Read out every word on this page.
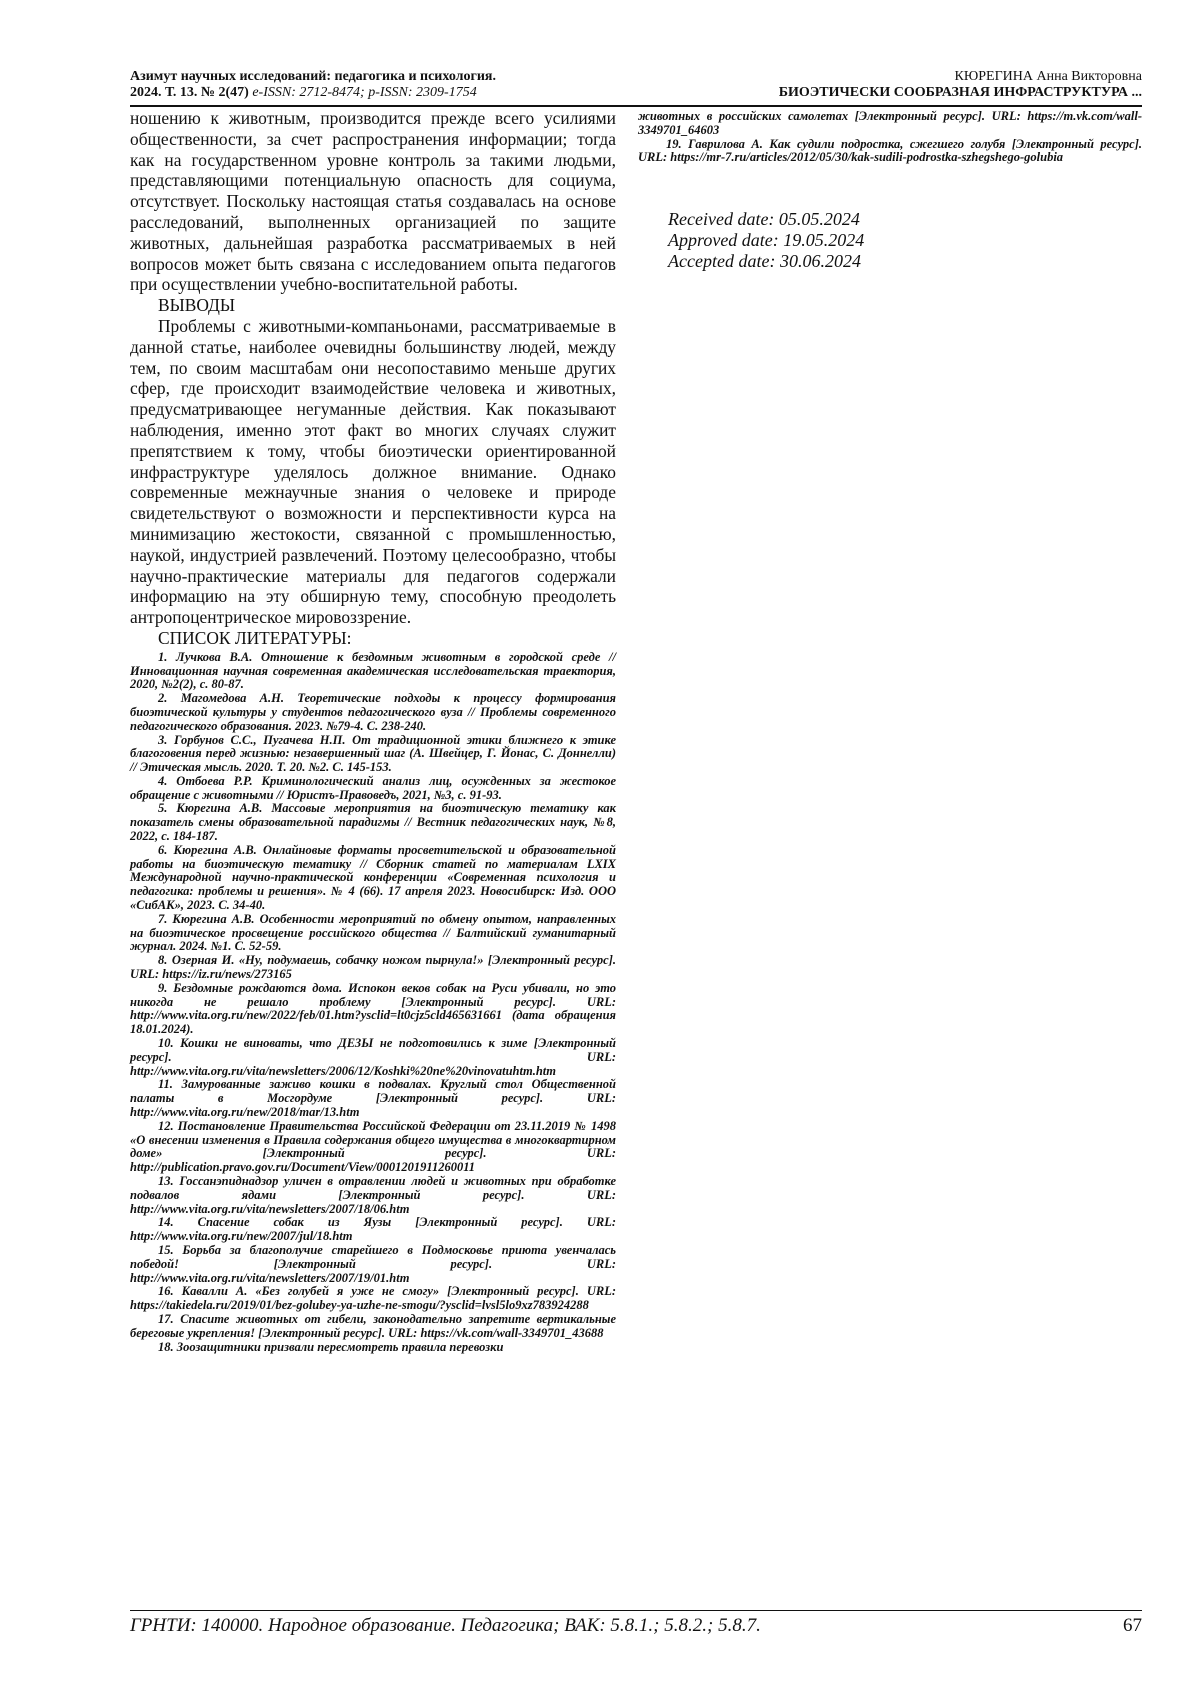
Азимут научных исследований: педагогика и психология.
2024. Т. 13. № 2(47) e-ISSN: 2712-8474; p-ISSN: 2309-1754
КЮРЕГИНА Анна Викторовна
БИОЭТИЧЕСКИ СООБРАЗНАЯ ИНФРАСТРУКТУРА ...

ношению к животным, производится прежде всего усилиями общественности, за счет распространения информации; тогда как на государственном уровне контроль за такими людьми, представляющими потенциальную опасность для социума, отсутствует. Поскольку настоящая статья создавалась на основе расследований, выполненных организацией по защите животных, дальнейшая разработка рассматриваемых в ней вопросов может быть связана с исследованием опыта педагогов при осуществлении учебно-воспитательной работы.

ВЫВОДЫ

Проблемы с животными-компаньонами, рассматриваемые в данной статье, наиболее очевидны большинству людей, между тем, по своим масштабам они несопоставимо меньше других сфер, где происходит взаимодействие человека и животных, предусматривающее негуманные действия. Как показывают наблюдения, именно этот факт во многих случаях служит препятствием к тому, чтобы биоэтически ориентированной инфраструктуре уделялось должное внимание. Однако современные межнаучные знания о человеке и природе свидетельствуют о возможности и перспективности курса на минимизацию жестокости, связанной с промышленностью, наукой, индустрией развлечений. Поэтому целесообразно, чтобы научно-практические материалы для педагогов содержали информацию на эту обширную тему, способную преодолеть антропоцентрическое мировоззрение.

СПИСОК ЛИТЕРАТУРЫ:

1. Лучкова В.А. Отношение к бездомным животным в городской среде // Инновационная научная современная академическая исследовательская траектория, 2020, №2(2), с. 80-87.

2. Магомедова А.Н. Теоретические подходы к процессу формирования биоэтической культуры у студентов педагогического вуза // Проблемы современного педагогического образования. 2023. №79-4. С. 238-240.

3. Горбунов С.С., Пугачева Н.П. От традиционной этики ближнего к этике благоговения перед жизнью: незавершенный шаг (А. Швейцер, Г. Йонас, С. Доннелли) // Этическая мысль. 2020. Т. 20. №2. С. 145-153.

4. Отбоева Р.Р. Криминологический анализ лиц, осужденных за жестокое обращение с животными // Юристъ-Правоведъ, 2021, №3, с. 91-93.

5. Кюрегина А.В. Массовые мероприятия на биоэтическую тематику как показатель смены образовательной парадигмы // Вестник педагогических наук, №8, 2022, с. 184-187.

6. Кюрегина А.В. Онлайновые форматы просветительской и образовательной работы на биоэтическую тематику // Сборник статей по материалам LXIX Международной научно-практической конференции «Современная психология и педагогика: проблемы и решения». № 4 (66). 17 апреля 2023. Новосибирск: Изд. ООО «СибАК», 2023. С. 34-40.

7. Кюрегина А.В. Особенности мероприятий по обмену опытом, направленных на биоэтическое просвещение российского общества // Балтийский гуманитарный журнал. 2024. №1. С. 52-59.

8. Озерная И. «Ну, подумаешь, собачку ножом пырнула!» [Электронный ресурс]. URL: https://iz.ru/news/273165

9. Бездомные рождаются дома. Испокон веков собак на Руси убивали, но это никогда не решало проблему [Электронный ресурс]. URL: http://www.vita.org.ru/new/2022/feb/01.htm?ysclid=lt0cjz5cld465631661 (дата обращения 18.01.2024).

10. Кошки не виноваты, что ДЕЗЫ не подготовились к зиме [Электронный ресурс]. URL: http://www.vita.org.ru/vita/newsletters/2006/12/Koshki%20ne%20vinovatuhtm.htm

11. Замурованные заживо кошки в подвалах. Круглый стол Общественной палаты в Мосгордуме [Электронный ресурс]. URL: http://www.vita.org.ru/new/2018/mar/13.htm

12. Постановление Правительства Российской Федерации от 23.11.2019 № 1498 «О внесении изменения в Правила содержания общего имущества в многоквартирном доме» [Электронный ресурс]. URL: http://publication.pravo.gov.ru/Document/View/0001201911260011

13. Госсанэпиднадзор уличен в отравлении людей и животных при обработке подвалов ядами [Электронный ресурс]. URL: http://www.vita.org.ru/vita/newsletters/2007/18/06.htm

14. Спасение собак из Яузы [Электронный ресурс]. URL: http://www.vita.org.ru/new/2007/jul/18.htm

15. Борьба за благополучие старейшего в Подмосковье приюта увенчалась победой! [Электронный ресурс]. URL: http://www.vita.org.ru/vita/newsletters/2007/19/01.htm

16. Кавалли А. «Без голубей я уже не смогу» [Электронный ресурс]. URL: https://takiedela.ru/2019/01/bez-golubey-ya-uzhe-ne-smogu/?ysclid=lvsl5lo9xz783924288

17. Спасите животных от гибели, законодательно запретите вертикальные береговые укрепления! [Электронный ресурс]. URL: https://vk.com/wall-3349701_43688

18. Зоозащитники призвали пересмотреть правила перевозки

животных в российских самолетах [Электронный ресурс]. URL: https://m.vk.com/wall-3349701_64603

19. Гаврилова А. Как судили подростка, сжегшего голубя [Электронный ресурс]. URL: https://mr-7.ru/articles/2012/05/30/kak-sudili-podrostka-szhegshego-golubia

Received date: 05.05.2024
Approved date: 19.05.2024
Accepted date: 30.06.2024
ГРНТИ: 140000. Народное образование. Педагогика; ВАК: 5.8.1.; 5.8.2.; 5.8.7.	67
